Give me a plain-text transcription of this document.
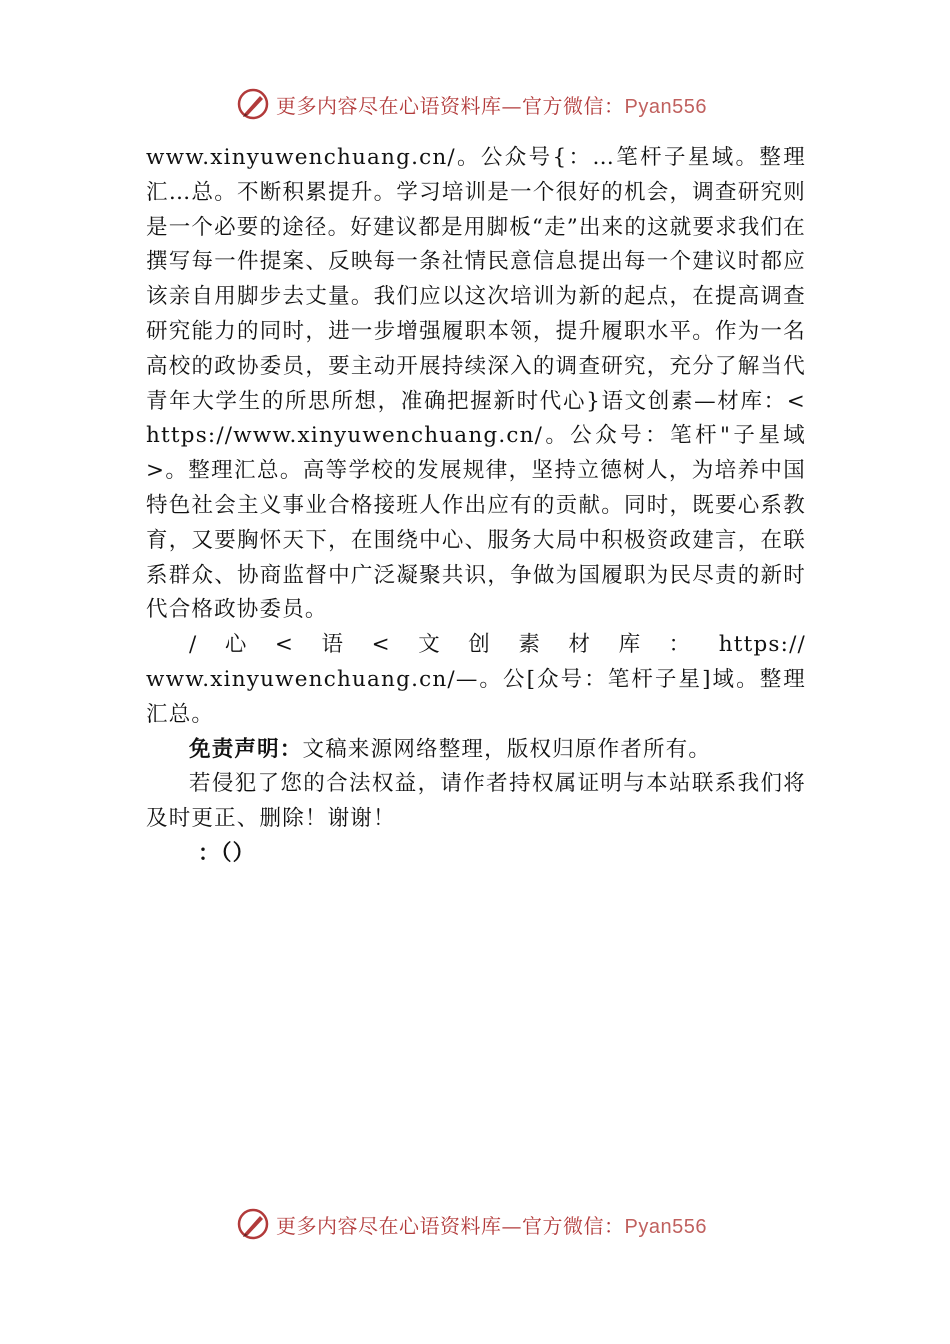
更多内容尽在心语资料库—官方微信：Pyan556

www.xinyuwenchuang.cn/。公众号{：…笔杆子星域。整理汇…总。不断积累提升。学习培训是一个很好的机会，调查研究则是一个必要的途径。好建议都是用脚板“走”出来的这就要求我们在撰写每一件提案、反映每一条社情民意信息提出每一个建议时都应该亲自用脚步去丈量。我们应以这次培训为新的起点，在提高调查研究能力的同时，进一步增强履职本领，提升履职水平。作为一名高校的政协委员，要主动开展持续深入的调查研究，充分了解当代青年大学生的所思所想，准确把握新时代心}语文创素—材库：<https://www.xinyuwenchuang.cn/。公众号：笔杆"子星域>。整理汇总。高等学校的发展规律，坚持立德树人，为培养中国特色社会主义事业合格接班人作出应有的贡献。同时，既要心系教育，又要胸怀天下，在围绕中心、服务大局中积极资政建言，在联系群众、协商监督中广泛凝聚共识，争做为国履职为民尽责的新时代合格政协委员。

/心<语<文创素材库：https://

www.xinyuwenchuang.cn/—。公[众号：笔杆子星]域。整理汇总。

免责声明：文稿来源网络整理，版权归原作者所有。

若侵犯了您的合法权益，请作者持权属证明与本站联系我们将及时更正、删除！谢谢！

：（）

更多内容尽在心语资料库—官方微信：Pyan556
